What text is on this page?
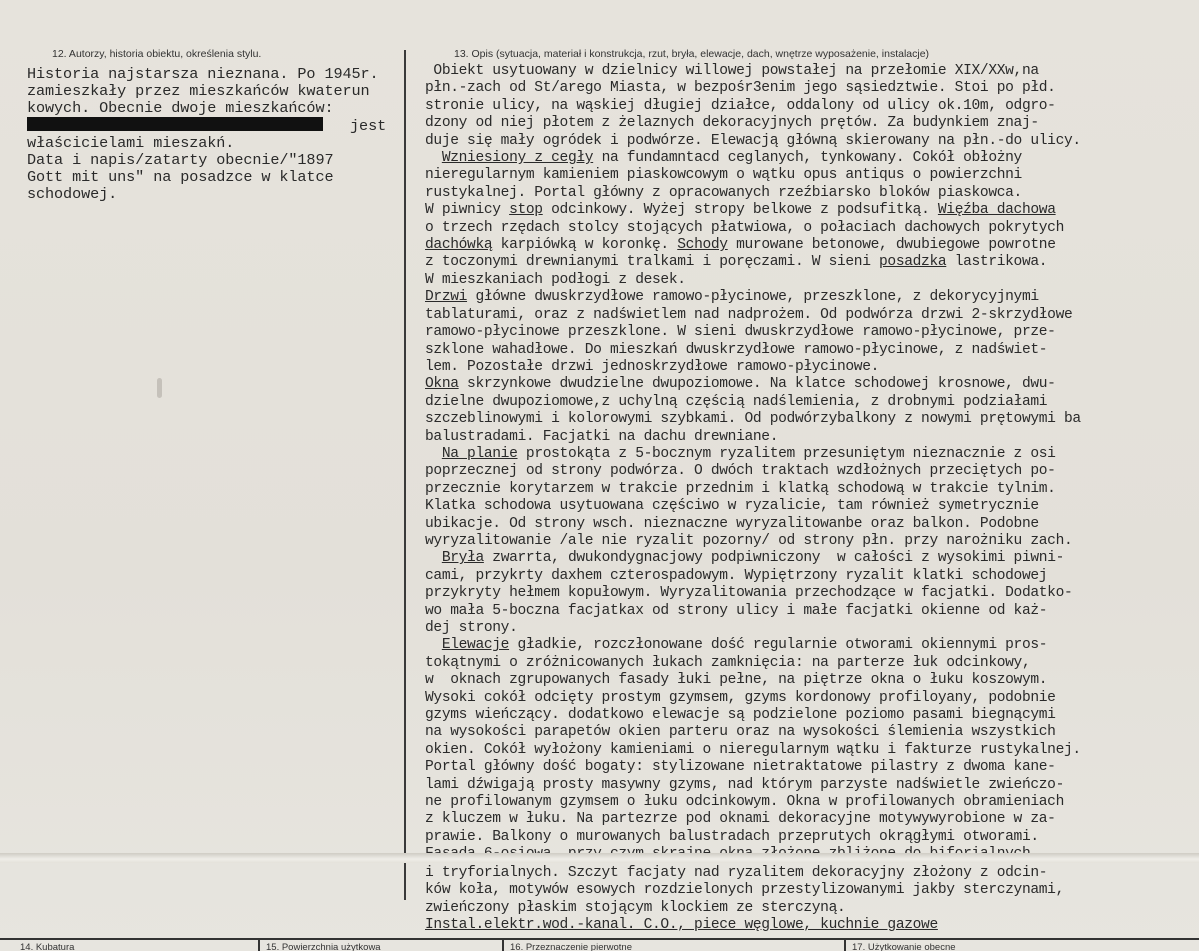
12. Autorzy, historia obiektu, określenia stylu.	13. Opis (sytuacja, materiał i konstrukcja, rzut, bryła, elewacje, dach, wnętrze wyposażenie, instalacje)
Historia najstarsza nieznana. Po 1945r.
zamieszkały przez mieszkańców kwaterun
kowych. Obecnie dwoje mieszkańców:
jest
właścicielami mieszakń.
Data i napis/zatarty obecnie/"1897
Gott mit uns" na posadzce w klatce
schodowej.
Obiekt usytuowany w dzielnicy willowej powstałej na przełomie XIX/XXw,na
płn.-zach od St/arego Miasta, w bezpośr3enim jego sąsiedztwie. Stoi po płd.
stronie ulicy, na wąskiej długiej działce, oddalony od ulicy ok.10m, odgro-
dzony od niej płotem z żelaznych dekoracyjnych prętów. Za budynkiem znaj-
duje się mały ogródek i podwórze. Elewacją główną skierowany na płn.-do ulicy.
Wzniesiony z cegły na fundamntacd ceglanych, tynkowany. Cokół obłożny
nieregularnym kamieniem piaskowcowym o wątku opus antiqus o powierzchni
rustykalnej. Portal główny z opracowanych rzeźbiarsko bloków piaskowca.
W piwnicy stop odcinkowy. Wyżej stropy belkowe z podsufitką. Więźba dachowa
o trzech rzędach stolcy stojących płatwiowa, o połaciach dachowych pokrytych
dachówką karpiówką w koronkę. Schody murowane betonowe, dwubiegowe powrotne
z toczonymi drewnianymi tralkami i poręczami. W sieni posadzka lastrikowa.
W mieszkaniach podłogi z desek.
Drzwi główne dwuskrzydłowe ramowo-płycinowe, przeszklone, z dekorycyjnymi
tablaturami, oraz z nadświetlem nad nadprożem. Od podwórza drzwi 2-skrzydłowe
ramowo-płycinowe przeszklone. W sieni dwuskrzydłowe ramowo-płycinowe, prze-
szklone wahadłowe. Do mieszkań dwuskrzydłowe ramowo-płycinowe, z nadświet-
lem. Pozostałe drzwi jednoskrzydłowe ramowo-płycinowe.
Okna skrzynkowe dwudzielne dwupoziomowe. Na klatce schodowej krosnowe, dwu-
dzielne dwupoziomowe,z uchylną częścią nadślemienia, z drobnymi podziałami
szczeblinowymi i kolorowymi szybkami. Od podwórzybalkony z nowymi prętowymi ba
balustradami. Facjatki na dachu drewniane.
Na planie prostokąta z 5-bocznym ryzalitem przesuniętym nieznacznie z osi
poprzecznej od strony podwórza. O dwóch traktach wzdłożnych przeciętych po-
przecznie korytarzem w trakcie przednim i klatką schodową w trakcie tylnim.
Klatka schodowa usytuowana częściwo w ryzalicie, tam również symetrycznie
ubikacje. Od strony wsch. nieznaczne wyryzalitowanbe oraz balkon. Podobne
wyryzalitowanie /ale nie ryzalit pozorny/ od strony płn. przy narożniku zach.
Bryła zwarrta, dwukondygnacjowy podpiwniczony  w całości z wysokimi piwni-
cami, przykrty daxhem czterospadowym. Wypiętrzony ryzalit klatki schodowej
przykryty hełmem kopułowym. Wyryzalitowania przechodzące w facjatki. Dodatko-
wo mała 5-boczna facjatkax od strony ulicy i małe facjatki okienne od każ-
dej strony.
Elewacje gładkie, rozczłonowane dość regularnie otworami okiennymi pros-
tokątnymi o zróżnicowanych łukach zamknięcia: na parterze łuk odcinkowy,
w  oknach zgrupowanych fasady łuki pełne, na piętrze okna o łuku koszowym.
Wysoki cokół odcięty prostym gzymsem, gzyms kordonowy profiloyany, podobnie
gzyms wieńczący. dodatkowo elewacje są podzielone poziomo pasami biegnącymi
na wysokości parapetów okien parteru oraz na wysokości ślemienia wszystkich
okien. Cokół wyłożony kamieniami o nieregularnym wątku i fakturze rustykalnej.
Portal główny dość bogaty: stylizowane nietraktatowe pilastry z dwoma kane-
lami dźwigają prosty masywny gzyms, nad którym parzyste nadświetle zwieńczo-
ne profilowanym gzymsem o łuku odcinkowym. Okna w profilowanych obramieniach
z kluczem w łuku. Na partezrze pod oknami dekoracyjne motywywyrobione w za-
prawie. Balkony o murowanych balustradach przeprutych okrągłymi otworami.

i tryforialnych. Szczyt facjaty nad ryzalitem dekoracyjny złożony z odcin-
ków koła, motywów esowych rozdzielonych przestylizowanymi jakby sterczynami,
zwieńczony płaskim stojącym klockiem ze sterczyną.
Instal.elektr.wod.-kanal. C.O., piece węglowe, kuchnie gazowe
14. Kubatura	15. Powierzchnia użytkowa	16. Przeznaczenie pierwotne	17. Użytkowanie obecne
